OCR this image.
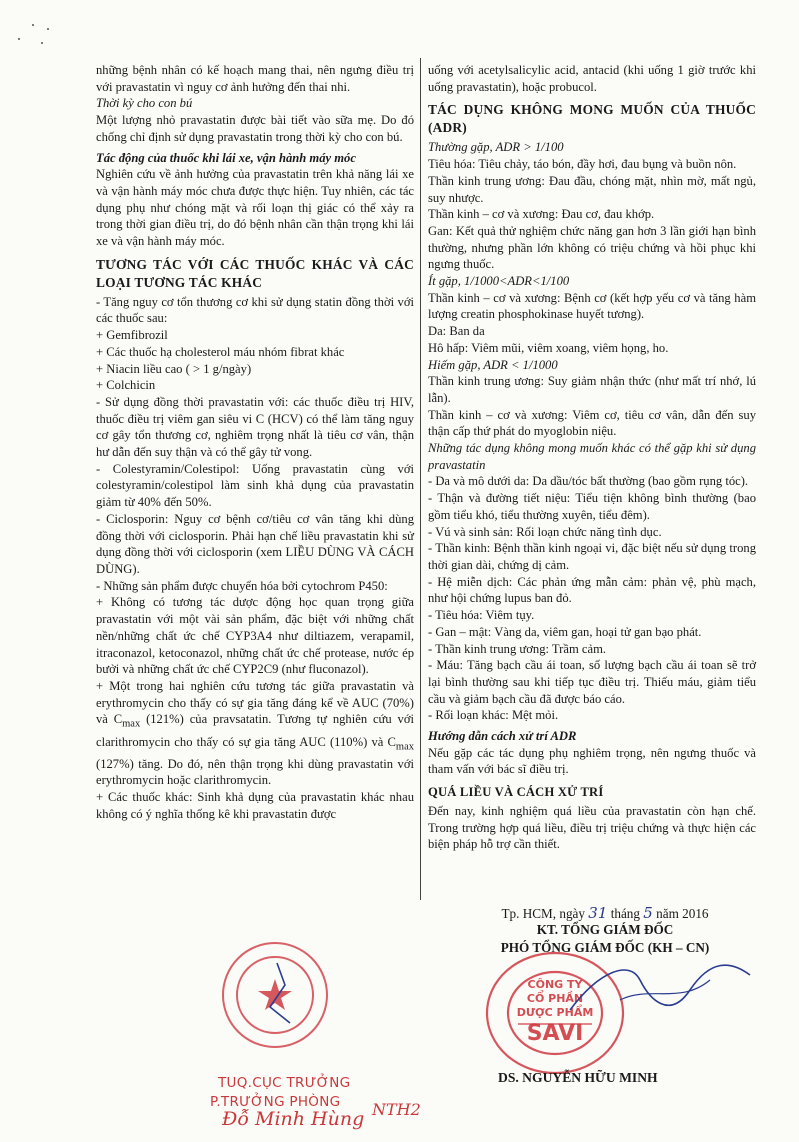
những bệnh nhân có kế hoạch mang thai, nên ngưng điều trị với pravastatin vì nguy cơ ảnh hưởng đến thai nhi.

Thời kỳ cho con bú

Một lượng nhỏ pravastatin được bài tiết vào sữa mẹ. Do đó chống chỉ định sử dụng pravastatin trong thời kỳ cho con bú.

Tác động của thuốc khi lái xe, vận hành máy móc

Nghiên cứu về ảnh hưởng của pravastatin trên khả năng lái xe và vận hành máy móc chưa được thực hiện. Tuy nhiên, các tác dụng phụ như chóng mặt và rối loạn thị giác có thể xảy ra trong thời gian điều trị, do đó bệnh nhân cần thận trọng khi lái xe và vận hành máy móc.

TƯƠNG TÁC VỚI CÁC THUỐC KHÁC VÀ CÁC LOẠI TƯƠNG TÁC KHÁC

- Tăng nguy cơ tổn thương cơ khi sử dụng statin đồng thời với các thuốc sau:

+ Gemfibrozil

+ Các thuốc hạ cholesterol máu nhóm fibrat khác

+ Niacin liều cao ( > 1 g/ngày)

+ Colchicin

- Sử dụng đồng thời pravastatin với: các thuốc điều trị HIV, thuốc điều trị viêm gan siêu vi C (HCV) có thể làm tăng nguy cơ gây tổn thương cơ, nghiêm trọng nhất là tiêu cơ vân, thận hư dẫn đến suy thận và có thể gây tử vong.

- Colestyramin/Colestipol: Uống pravastatin cùng với colestyramin/colestipol làm sinh khả dụng của pravastatin giảm từ 40% đến 50%.

- Ciclosporin: Nguy cơ bệnh cơ/tiêu cơ vân tăng khi dùng đồng thời với ciclosporin. Phải hạn chế liều pravastatin khi sử dụng đồng thời với ciclosporin (xem LIỀU DÙNG VÀ CÁCH DÙNG).

- Những sản phẩm được chuyển hóa bởi cytochrom P450:

+ Không có tương tác dược động học quan trọng giữa pravastatin với một vài sản phẩm, đặc biệt với những chất nền/những chất ức chế CYP3A4 như diltiazem, verapamil, itraconazol, ketoconazol, những chất ức chế protease, nước ép bưởi và những chất ức chế CYP2C9 (như fluconazol).

+ Một trong hai nghiên cứu tương tác giữa pravastatin và erythromycin cho thấy có sự gia tăng đáng kể về AUC (70%) và $C_{max}$ (121%) của pravsatatin. Tương tự nghiên cứu với clarithromycin cho thấy có sự gia tăng AUC (110%) và $C_{max}$ (127%) tăng. Do đó, nên thận trọng khi dùng pravastatin với erythromycin hoặc clarithromycin.

+ Các thuốc khác: Sinh khả dụng của pravastatin khác nhau không có ý nghĩa thống kê khi pravastatin được

uống với acetylsalicylic acid, antacid (khi uống 1 giờ trước khi uống pravastatin), hoặc probucol.

TÁC DỤNG KHÔNG MONG MUỐN CỦA THUỐC (ADR)

Thường gặp, ADR > 1/100

Tiêu hóa: Tiêu chảy, táo bón, đầy hơi, đau bụng và buồn nôn.

Thần kinh trung ương: Đau đầu, chóng mặt, nhìn mờ, mất ngủ, suy nhược.

Thần kinh – cơ và xương: Đau cơ, đau khớp.

Gan: Kết quả thử nghiệm chức năng gan hơn 3 lần giới hạn bình thường, nhưng phần lớn không có triệu chứng và hồi phục khi ngưng thuốc.

Ít gặp, 1/1000<ADR<1/100

Thần kinh – cơ và xương: Bệnh cơ (kết hợp yếu cơ và tăng hàm lượng creatin phosphokinase huyết tương).

Da: Ban da

Hô hấp: Viêm mũi, viêm xoang, viêm họng, ho.

Hiếm gặp, ADR < 1/1000

Thần kinh trung ương: Suy giảm nhận thức (như mất trí nhớ, lú lẫn).

Thần kinh – cơ và xương: Viêm cơ, tiêu cơ vân, dẫn đến suy thận cấp thứ phát do myoglobin niệu.

Những tác dụng không mong muốn khác có thể gặp khi sử dụng pravastatin

- Da và mô dưới da: Da dầu/tóc bất thường (bao gồm rụng tóc).

- Thận và đường tiết niệu: Tiểu tiện không bình thường (bao gồm tiểu khó, tiểu thường xuyên, tiểu đêm).

- Vú và sinh sản: Rối loạn chức năng tình dục.

- Thần kinh: Bệnh thần kinh ngoại vi, đặc biệt nếu sử dụng trong thời gian dài, chứng dị cảm.

- Hệ miễn dịch: Các phản ứng mẫn cảm: phản vệ, phù mạch, như hội chứng lupus ban đỏ.

- Tiêu hóa: Viêm tụy.

- Gan – mật: Vàng da, viêm gan, hoại tử gan bạo phát.

- Thần kinh trung ương: Trầm cảm.

- Máu: Tăng bạch cầu ái toan, số lượng bạch cầu ái toan sẽ trở lại bình thường sau khi tiếp tục điều trị. Thiếu máu, giảm tiểu cầu và giảm bạch cầu đã được báo cáo.

- Rối loạn khác: Mệt mỏi.

Hướng dẫn cách xử trí ADR

Nếu gặp các tác dụng phụ nghiêm trọng, nên ngưng thuốc và tham vấn với bác sĩ điều trị.

QUÁ LIỀU VÀ CÁCH XỬ TRÍ

Đến nay, kinh nghiệm quá liều của pravastatin còn hạn chế. Trong trường hợp quá liều, điều trị triệu chứng và thực hiện các biện pháp hỗ trợ cần thiết.

Tp. HCM, ngày 31 tháng 5 năm 2016
KT. TỔNG GIÁM ĐỐC
PHÓ TỔNG GIÁM ĐỐC (KH – CN)
CÔNG TY
CỔ PHẦN
DƯỢC PHẨM
SAVI
DS. NGUYỄN HỮU MINH
TUQ.CỤC TRƯỞNG
P.TRƯỞNG PHÒNG
Đỗ Minh Hùng NTH2
